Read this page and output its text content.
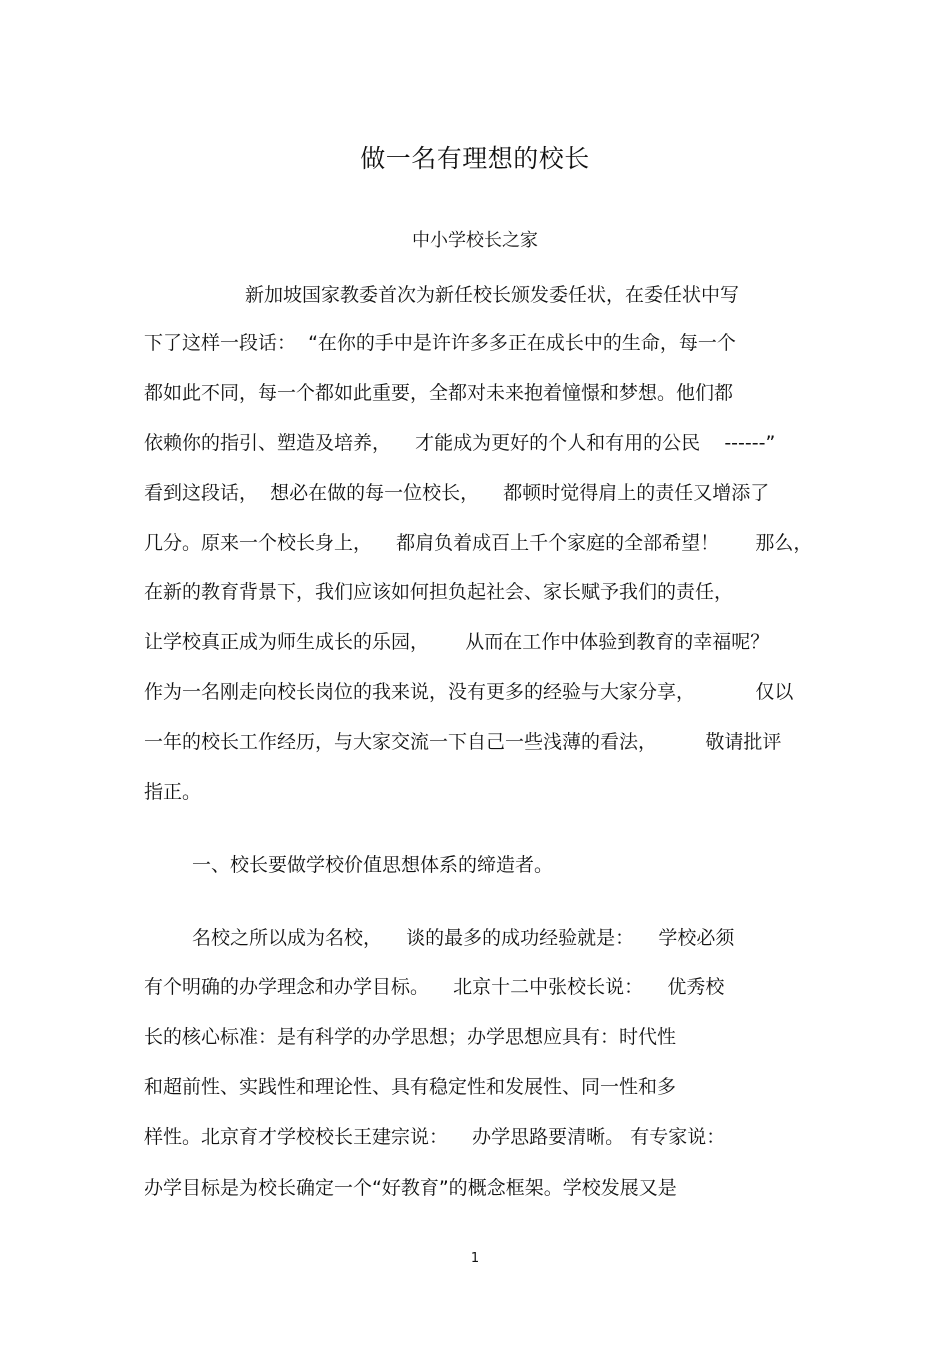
做一名有理想的校长
中小学校长之家
新加坡国家教委首次为新任校长颁发委任状，在委任状中写
下了这样一段话：  “在你的手中是许许多多正在成长中的生命，每一个
都如此不同，每一个都如此重要，全都对未来抱着憧憬和梦想。他们都
依赖你的指引、塑造及培养，    才能成为更好的个人和有用的公民    ------”
看到这段话，  想必在做的每一位校长，    都顿时觉得肩上的责任又增添了
几分。原来一个校长身上，    都肩负着成百上千个家庭的全部希望！      那么，
在新的教育背景下，我们应该如何担负起社会、家长赋予我们的责任，
让学校真正成为师生成长的乐园，      从而在工作中体验到教育的幸福呢？
作为一名刚走向校长岗位的我来说，没有更多的经验与大家分享，          仅以
一年的校长工作经历，与大家交流一下自己一些浅薄的看法，        敬请批评
指正。
一、校长要做学校价值思想体系的缔造者。
名校之所以成为名校，    谈的最多的成功经验就是：    学校必须
有个明确的办学理念和办学目标。    北京十二中张校长说：    优秀校
长的核心标准：是有科学的办学思想；办学思想应具有：时代性
和超前性、实践性和理论性、具有稳定性和发展性、同一性和多
样性。北京育才学校校长王建宗说：    办学思路要清晰。 有专家说：
办学目标是为校长确定一个“好教育”的概念框架。学校发展又是
1
